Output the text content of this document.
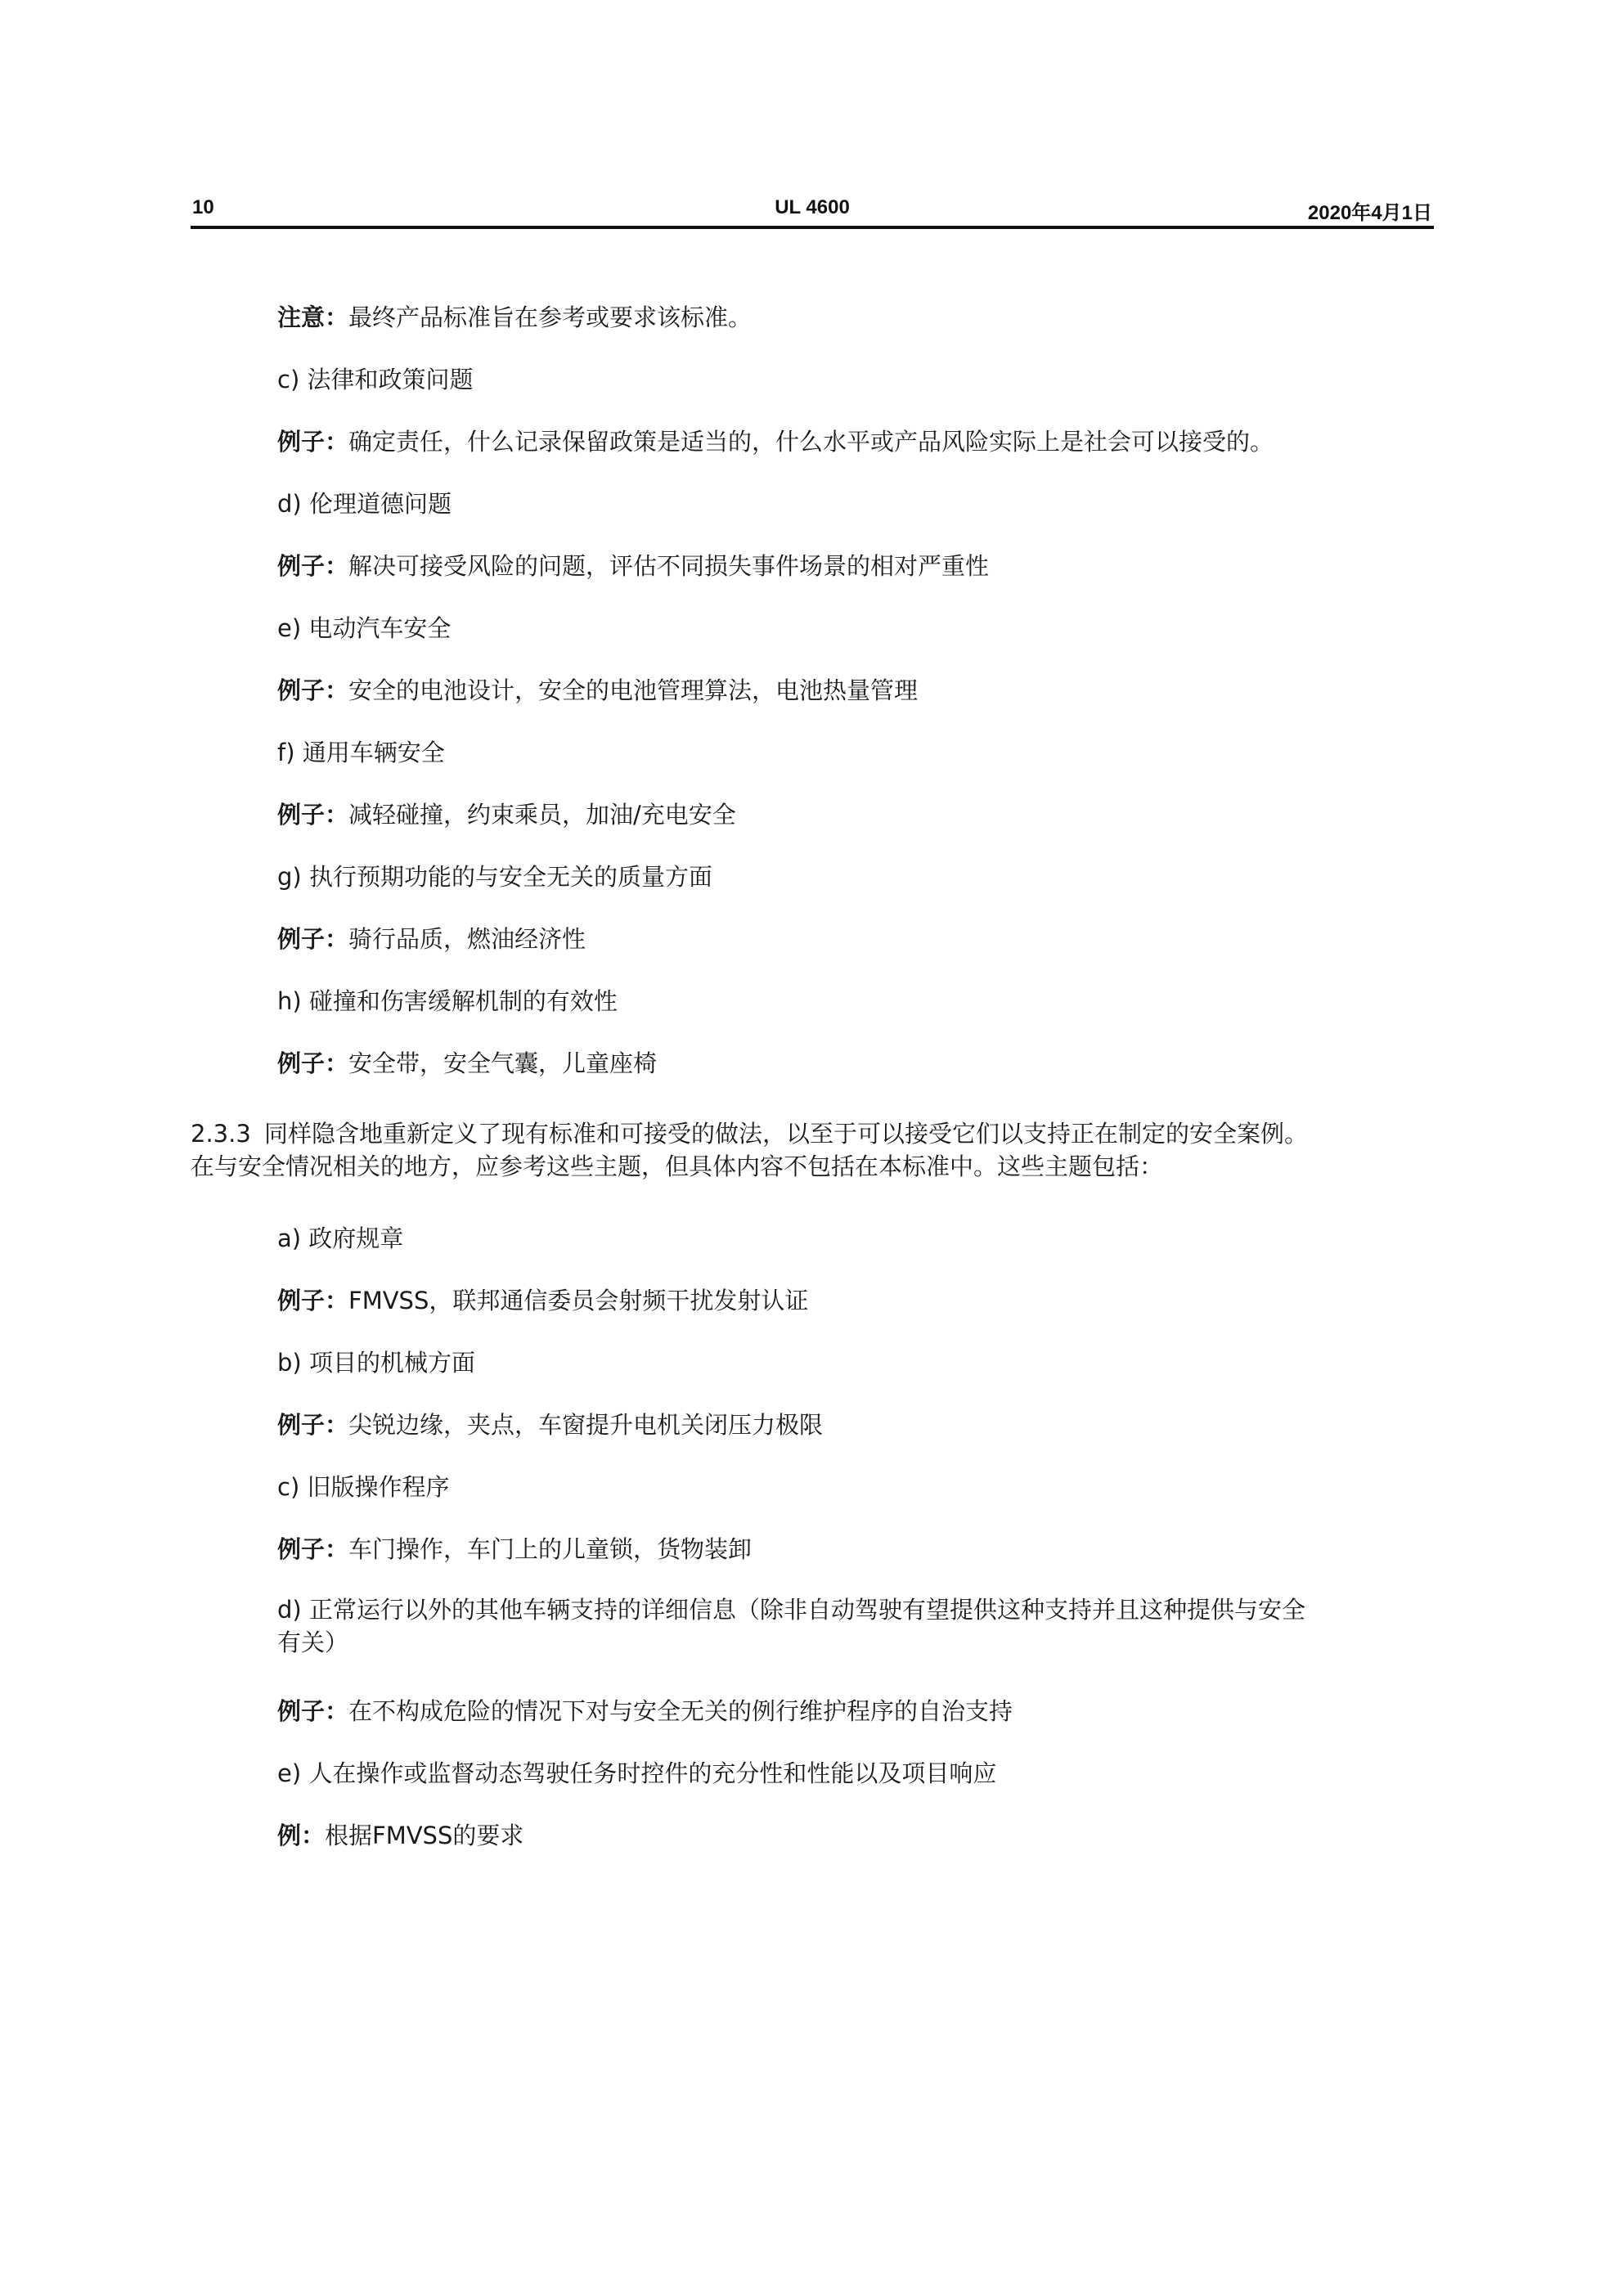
10	UL 4600	2020年4月1日
注意：最终产品标准旨在参考或要求该标准。
c) 法律和政策问题
例子：确定责任，什么记录保留政策是适当的，什么水平或产品风险实际上是社会可以接受的。
d) 伦理道德问题
例子：解决可接受风险的问题，评估不同损失事件场景的相对严重性
e) 电动汽车安全
例子：安全的电池设计，安全的电池管理算法，电池热量管理
f) 通用车辆安全
例子：减轻碰撞，约束乘员，加油/充电安全
g) 执行预期功能的与安全无关的质量方面
例子：骑行品质，燃油经济性
h) 碰撞和伤害缓解机制的有效性
例子：安全带，安全气囊，儿童座椅
2.3.3 同样隐含地重新定义了现有标准和可接受的做法，以至于可以接受它们以支持正在制定的安全案例。
在与安全情况相关的地方，应参考这些主题，但具体内容不包括在本标准中。这些主题包括：
a) 政府规章
例子：FMVSS，联邦通信委员会射频干扰发射认证
b) 项目的机械方面
例子：尖锐边缘，夹点，车窗提升电机关闭压力极限
c) 旧版操作程序
例子：车门操作，车门上的儿童锁，货物装卸
d) 正常运行以外的其他车辆支持的详细信息（除非自动驾驶有望提供这种支持并且这种提供与安全
有关）
例子：在不构成危险的情况下对与安全无关的例行维护程序的自治支持
e) 人在操作或监督动态驾驶任务时控件的充分性和性能以及项目响应
例：根据FMVSS的要求
